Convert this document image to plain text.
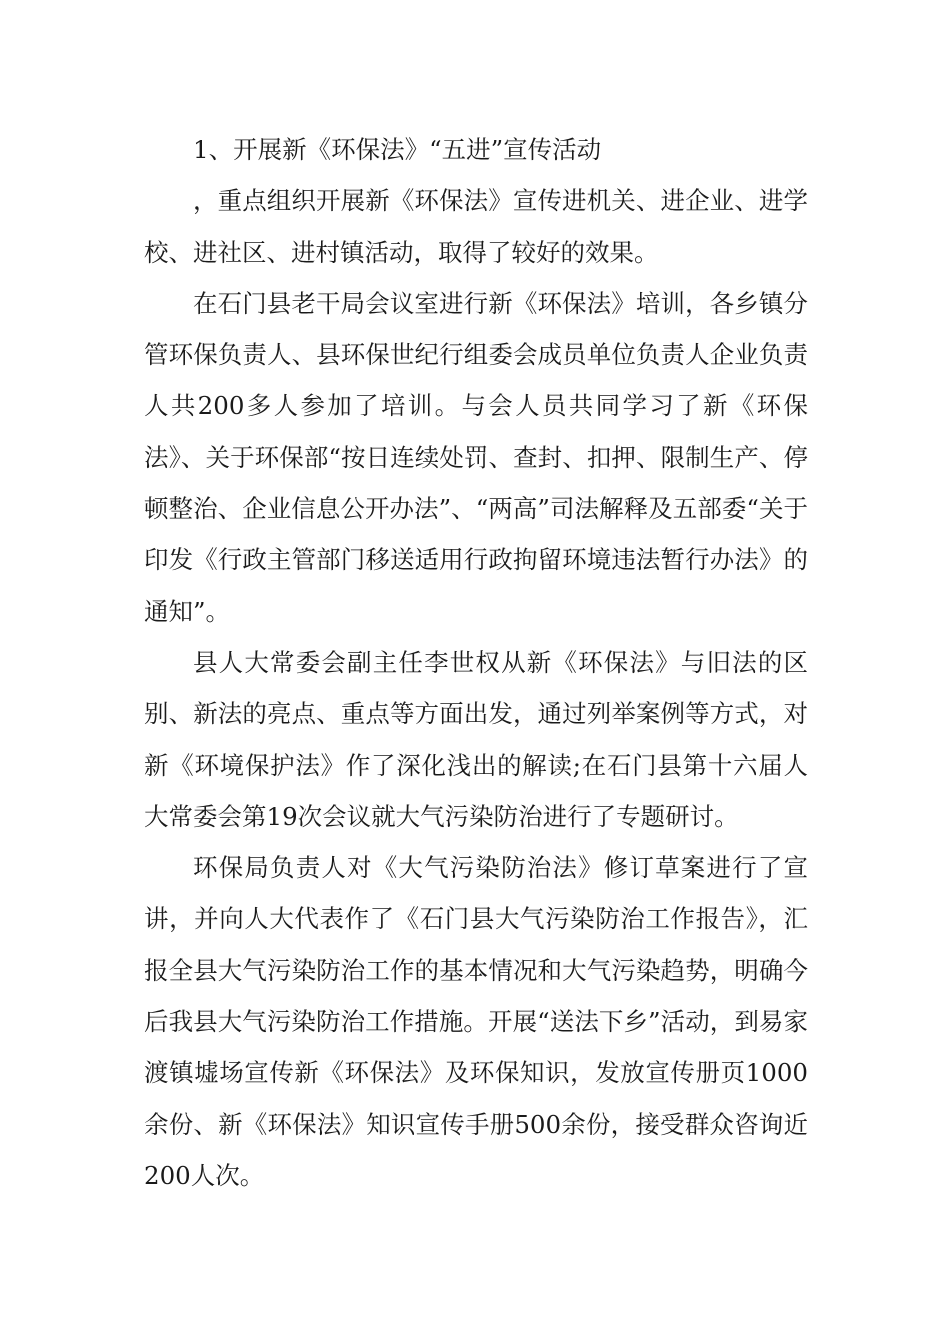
1、开展新《环保法》“五进”宣传活动

，重点组织开展新《环保法》宣传进机关、进企业、进学校、进社区、进村镇活动，取得了较好的效果。

在石门县老干局会议室进行新《环保法》培训，各乡镇分管环保负责人、县环保世纪行组委会成员单位负责人企业负责人共200多人参加了培训。与会人员共同学习了新《环保法》、关于环保部“按日连续处罚、查封、扣押、限制生产、停顿整治、企业信息公开办法”、“两高”司法解释及五部委“关于印发《行政主管部门移送适用行政拘留环境违法暂行办法》的通知”。

县人大常委会副主任李世权从新《环保法》与旧法的区别、新法的亮点、重点等方面出发，通过列举案例等方式，对新《环境保护法》作了深化浅出的解读;在石门县第十六届人大常委会第19次会议就大气污染防治进行了专题研讨。

环保局负责人对《大气污染防治法》修订草案进行了宣讲，并向人大代表作了《石门县大气污染防治工作报告》，汇报全县大气污染防治工作的基本情况和大气污染趋势，明确今后我县大气污染防治工作措施。开展“送法下乡”活动，到易家渡镇墟场宣传新《环保法》及环保知识，发放宣传册页1000余份、新《环保法》知识宣传手册500余份，接受群众咨询近200人次。
